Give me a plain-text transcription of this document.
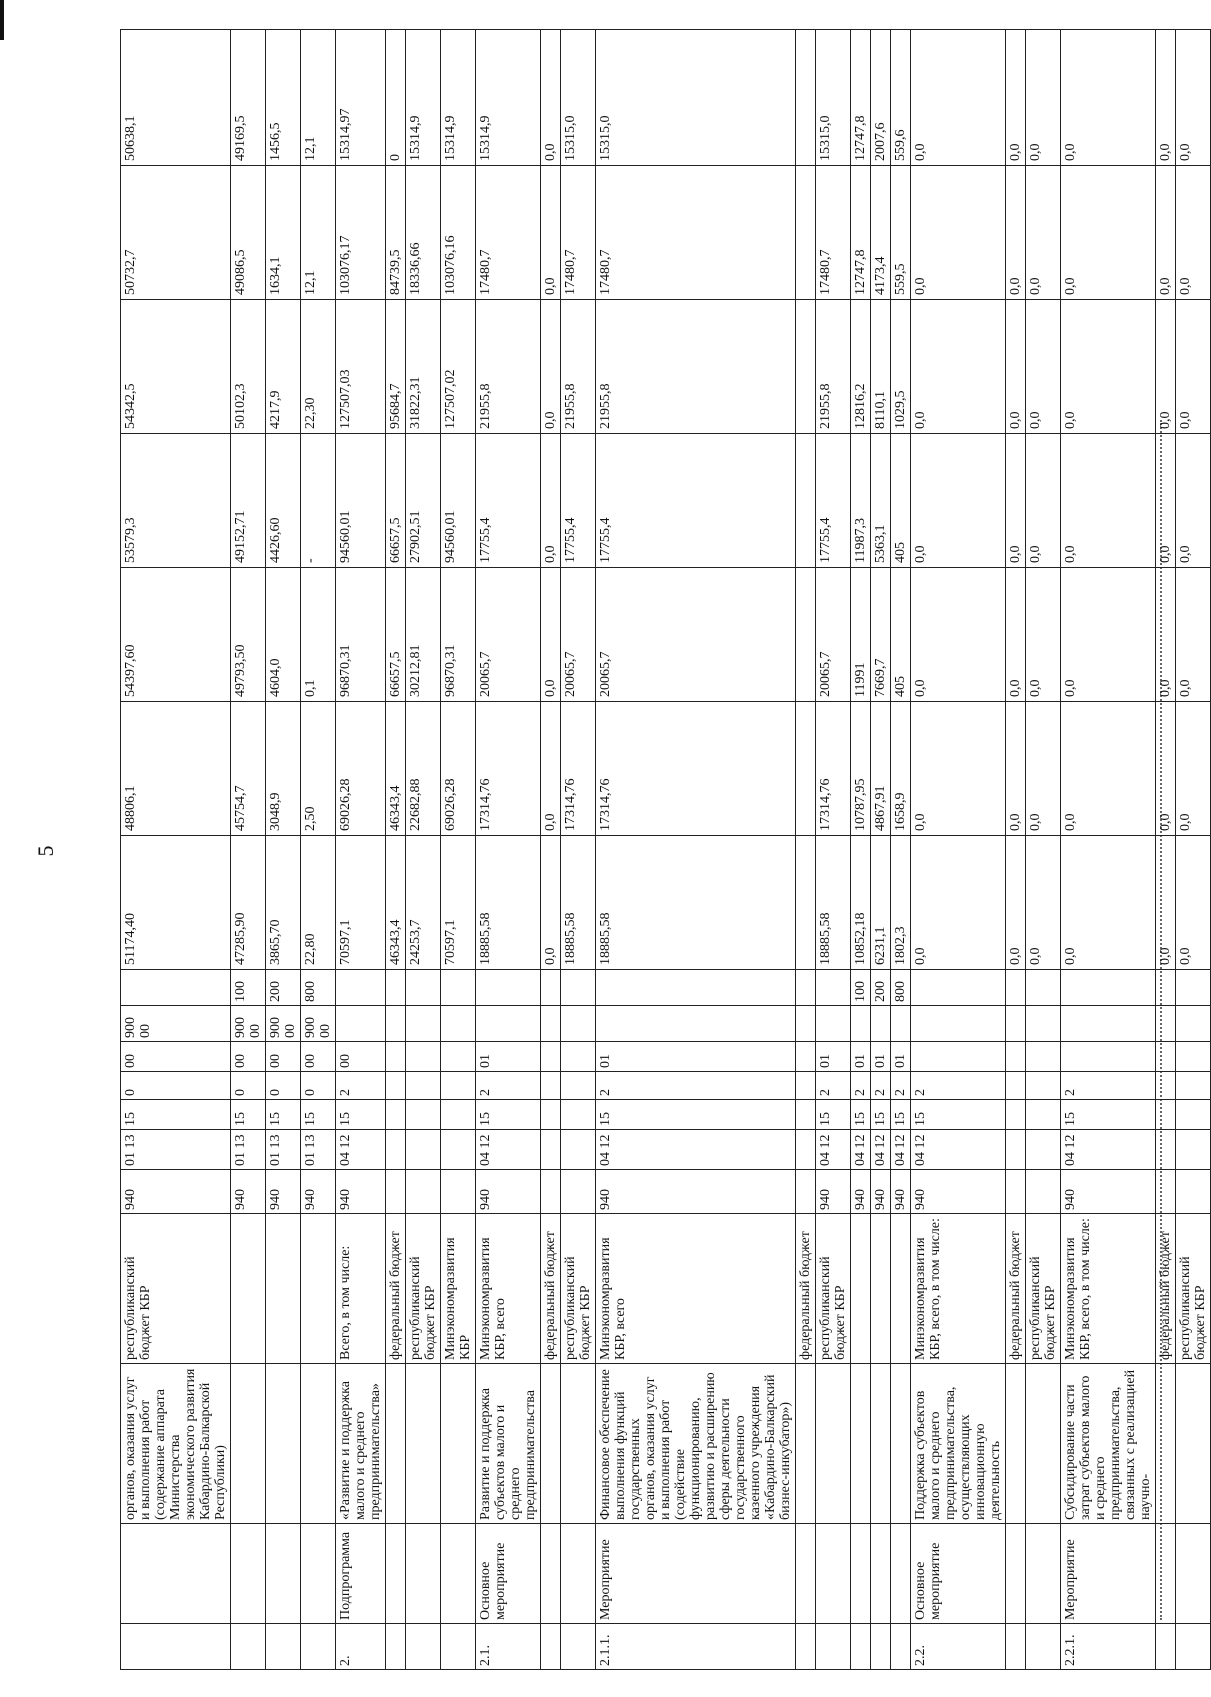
5
		органов, оказания услуг и выполнения работ (содержание аппарата Министерства экономического развития Кабардино-Балкарской Республики)	республиканский бюджет КБР	940	01 13	15	0	00	900 00		51174,40	48806,1	54397,60	53579,3	54342,5	50732,7	50638,1
				940	01 13	15	0	00	900 00	100	47285,90	45754,7	49793,50	49152,71	50102,3	49086,5	49169,5
				940	01 13	15	0	00	900 00	200	3865,70	3048,9	4604,0	4426,60	4217,9	1634,1	1456,5
				940	01 13	15	0	00	900 00	800	22,80	2,50	0,1	-	22,30	12,1	12,1
2.	Подпрограмма	«Развитие и поддержка малого и среднего предпринимательства»	Всего, в том числе:	940	04 12	15	2	00			70597,1	69026,28	96870,31	94560,01	127507,03	103076,17	15314,97
			федеральный бюджет								46343,4	46343,4	66657,5	66657,5	95684,7	84739,5	0
			республиканский бюджет КБР								24253,7	22682,88	30212,81	27902,51	31822,31	18336,66	15314,9
			Минэкономразвития КБР								70597,1	69026,28	96870,31	94560,01	127507,02	103076,16	15314,9
2.1.	Основное мероприятие	Развитие и поддержка субъектов малого и среднего предпринимательства	Минэкономразвития КБР, всего	940	04 12	15	2	01			18885,58	17314,76	20065,7	17755,4	21955,8	17480,7	15314,9
			федеральный бюджет								0,0	0,0	0,0	0,0	0,0	0,0	0,0
			республиканский бюджет КБР								18885,58	17314,76	20065,7	17755,4	21955,8	17480,7	15315,0
2.1.1.	Мероприятие	Финансовое обеспечение выполнения функций государственных органов, оказания услуг и выполнения работ (содействие функционированию, развитию и расширению сферы деятельности государственного казенного учреждения «Кабардино-Балкарский бизнес-инкубатор»)	Минэкономразвития КБР, всего	940	04 12	15	2	01			18885,58	17314,76	20065,7	17755,4	21955,8	17480,7	15315,0
			федеральный бюджет														
			республиканский бюджет КБР	940	04 12	15	2	01			18885,58	17314,76	20065,7	17755,4	21955,8	17480,7	15315,0
				940	04 12	15	2	01		100	10852,18	10787,95	11991	11987,3	12816,2	12747,8	12747,8
				940	04 12	15	2	01		200	6231,1	4867,91	7669,7	5363,1	8110,1	4173,4	2007,6
				940	04 12	15	2	01		800	1802,3	1658,9	405	405	1029,5	559,5	559,6
2.2.	Основное мероприятие	Поддержка субъектов малого и среднего предпринимательства, осуществляющих инновационную деятельность	Минэкономразвития КБР, всего, в том числе:	940	04 12	15	2				0,0	0,0	0,0	0,0	0,0	0,0	0,0
			федеральный бюджет								0,0	0,0	0,0	0,0	0,0	0,0	0,0
			республиканский бюджет КБР								0,0	0,0	0,0	0,0	0,0	0,0	0,0
2.2.1.	Мероприятие	Субсидирование части затрат субъектов малого и среднего предпринимательства, связанных с реализацией научно-	Минэкономразвития КБР, всего, в том числе:	940	04 12	15	2				0,0	0,0	0,0	0,0	0,0	0,0	0,0
			федеральный бюджет								0,0	0,0	0,0	0,0	0,0	0,0	0,0
			республиканский бюджет КБР								0,0	0,0	0,0	0,0	0,0	0,0	0,0
